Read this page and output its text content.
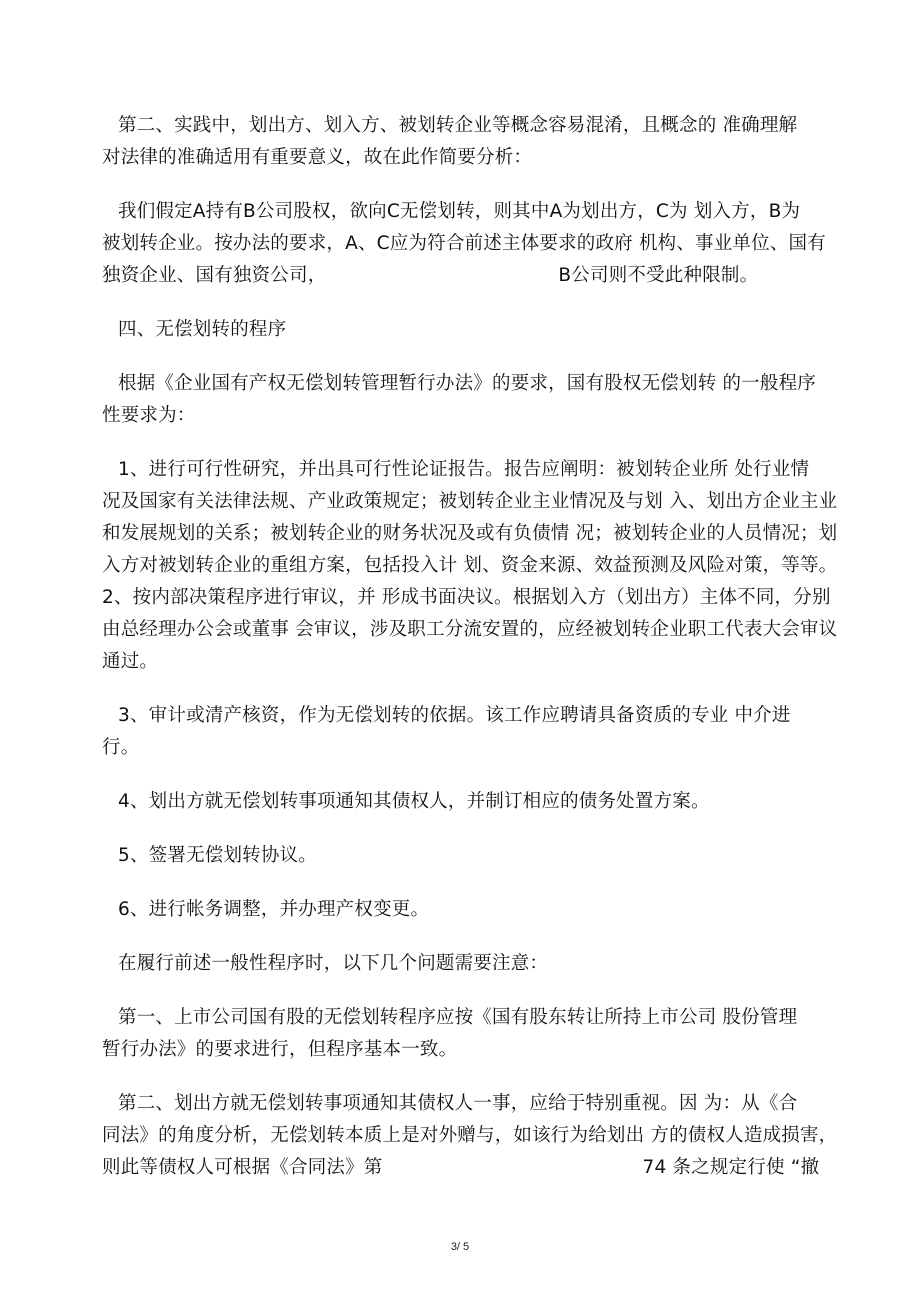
第二、实践中，划出方、划入方、被划转企业等概念容易混淆，且概念的 准确理解
对法律的准确适用有重要意义，故在此作简要分析：

我们假定A持有B公司股权，欲向C无偿划转，则其中A为划出方，C为 划入方，B为
被划转企业。按办法的要求，A、C应为符合前述主体要求的政府 机构、事业单位、国有
独资企业、国有独资公司，	B公司则不受此种限制。

四、无偿划转的程序

根据《企业国有产权无偿划转管理暂行办法》的要求，国有股权无偿划转 的一般程序
性要求为：

1、进行可行性研究，并出具可行性论证报告。报告应阐明：被划转企业所 处行业情
况及国家有关法律法规、产业政策规定；被划转企业主业情况及与划 入、划出方企业主业
和发展规划的关系；被划转企业的财务状况及或有负债情 况；被划转企业的人员情况；划
入方对被划转企业的重组方案，包括投入计 划、资金来源、效益预测及风险对策，等等。
2、按内部决策程序进行审议，并 形成书面决议。根据划入方（划出方）主体不同，分别
由总经理办公会或董事 会审议，涉及职工分流安置的，应经被划转企业职工代表大会审议
通过。

3、审计或清产核资，作为无偿划转的依据。该工作应聘请具备资质的专业 中介进
行。

4、划出方就无偿划转事项通知其债权人，并制订相应的债务处置方案。

5、签署无偿划转协议。

6、进行帐务调整，并办理产权变更。

在履行前述一般性程序时，以下几个问题需要注意：

第一、上市公司国有股的无偿划转程序应按《国有股东转让所持上市公司 股份管理
暂行办法》的要求进行，但程序基本一致。

第二、划出方就无偿划转事项通知其债权人一事，应给于特别重视。因 为：从《合
同法》的角度分析，无偿划转本质上是对外赠与，如该行为给划出 方的债权人造成损害，
则此等债权人可根据《合同法》第	74 条之规定行使 “撤

3/ 5
